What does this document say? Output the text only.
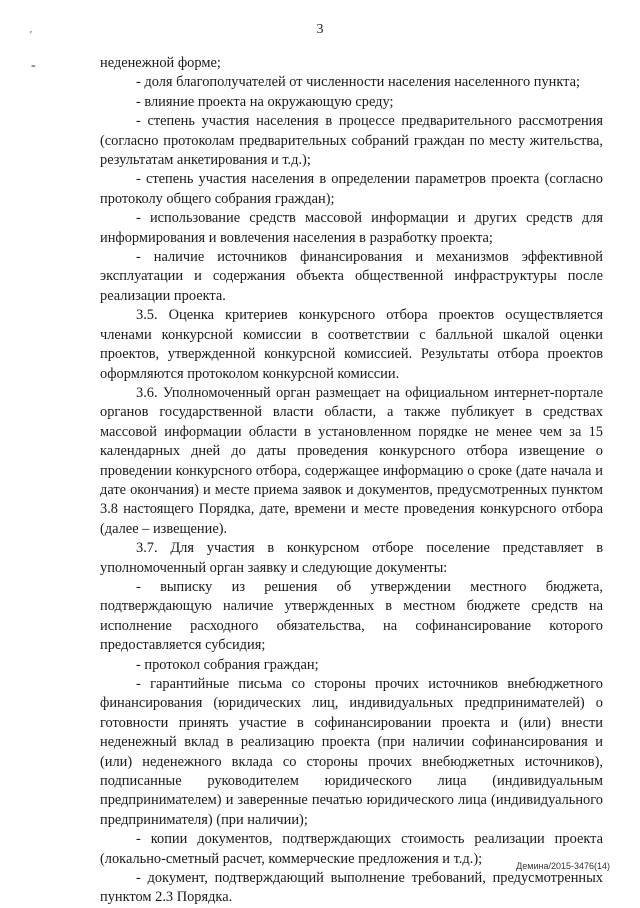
3
'
-	неденежной форме;

- доля благополучателей от численности населения населенного пункта;

- влияние проекта на окружающую среду;

- степень участия населения в процессе предварительного рассмотрения (согласно протоколам предварительных собраний граждан по месту жительства, результатам анкетирования и т.д.);

- степень участия населения в определении параметров проекта (согласно протоколу общего собрания граждан);

- использование средств массовой информации и других средств для информирования и вовлечения населения в разработку проекта;

- наличие источников финансирования и механизмов эффективной эксплуатации и содержания объекта общественной инфраструктуры после реализации проекта.

3.5. Оценка критериев конкурсного отбора проектов осуществляется членами конкурсной комиссии в соответствии с балльной шкалой оценки проектов, утвержденной конкурсной комиссией. Результаты отбора проектов оформляются протоколом конкурсной комиссии.

3.6. Уполномоченный орган размещает на официальном интернет-портале органов государственной власти области, а также публикует в средствах массовой информации области в установленном порядке не менее чем за 15 календарных дней до даты проведения конкурсного отбора извещение о проведении конкурсного отбора, содержащее информацию о сроке (дате начала и дате окончания) и месте приема заявок и документов, предусмотренных пунктом 3.8 настоящего Порядка, дате, времени и месте проведения конкурсного отбора (далее – извещение).

3.7. Для участия в конкурсном отборе поселение представляет в уполномоченный орган заявку и следующие документы:

- выписку из решения об утверждении местного бюджета, подтверждающую наличие утвержденных в местном бюджете средств на исполнение расходного обязательства, на софинансирование которого предоставляется субсидия;

- протокол собрания граждан;

- гарантийные письма со стороны прочих источников внебюджетного финансирования (юридических лиц, индивидуальных предпринимателей) о готовности принять участие в софинансировании проекта и (или) внести неденежный вклад в реализацию проекта (при наличии софинансирования и (или) неденежного вклада со стороны прочих внебюджетных источников), подписанные руководителем юридического лица (индивидуальным предпринимателем) и заверенные печатью юридического лица (индивидуального предпринимателя) (при наличии);

- копии документов, подтверждающих стоимость реализации проекта (локально-сметный расчет, коммерческие предложения и т.д.);

- документ, подтверждающий выполнение требований, предусмотренных пунктом 2.3 Порядка.

Демина/2015-3476(14)
